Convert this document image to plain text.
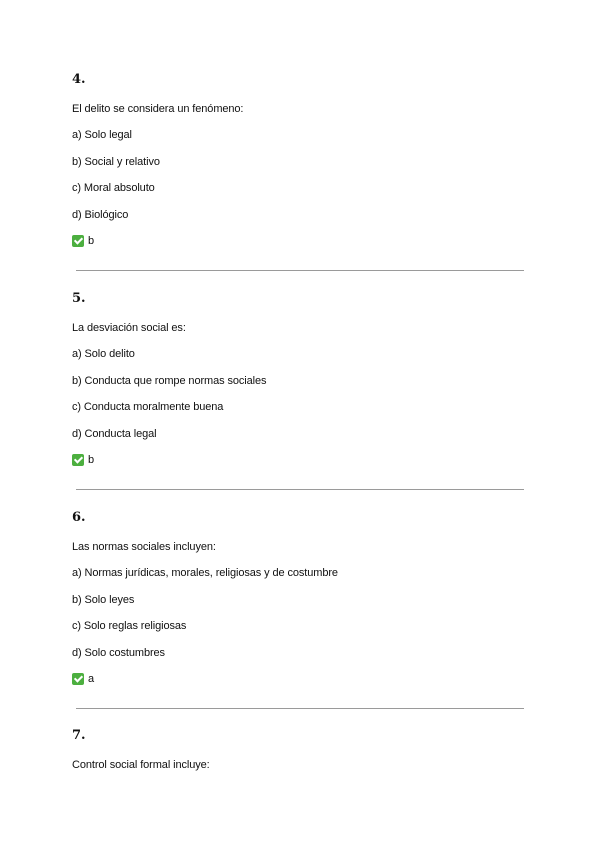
4.

El delito se considera un fenómeno:

a) Solo legal

b) Social y relativo

c) Moral absoluto

d) Biológico

b

5.

La desviación social es:

a) Solo delito

b) Conducta que rompe normas sociales

c) Conducta moralmente buena

d) Conducta legal

b

6.

Las normas sociales incluyen:

a) Normas jurídicas, morales, religiosas y de costumbre

b) Solo leyes

c) Solo reglas religiosas

d) Solo costumbres

a

7.

Control social formal incluye:
